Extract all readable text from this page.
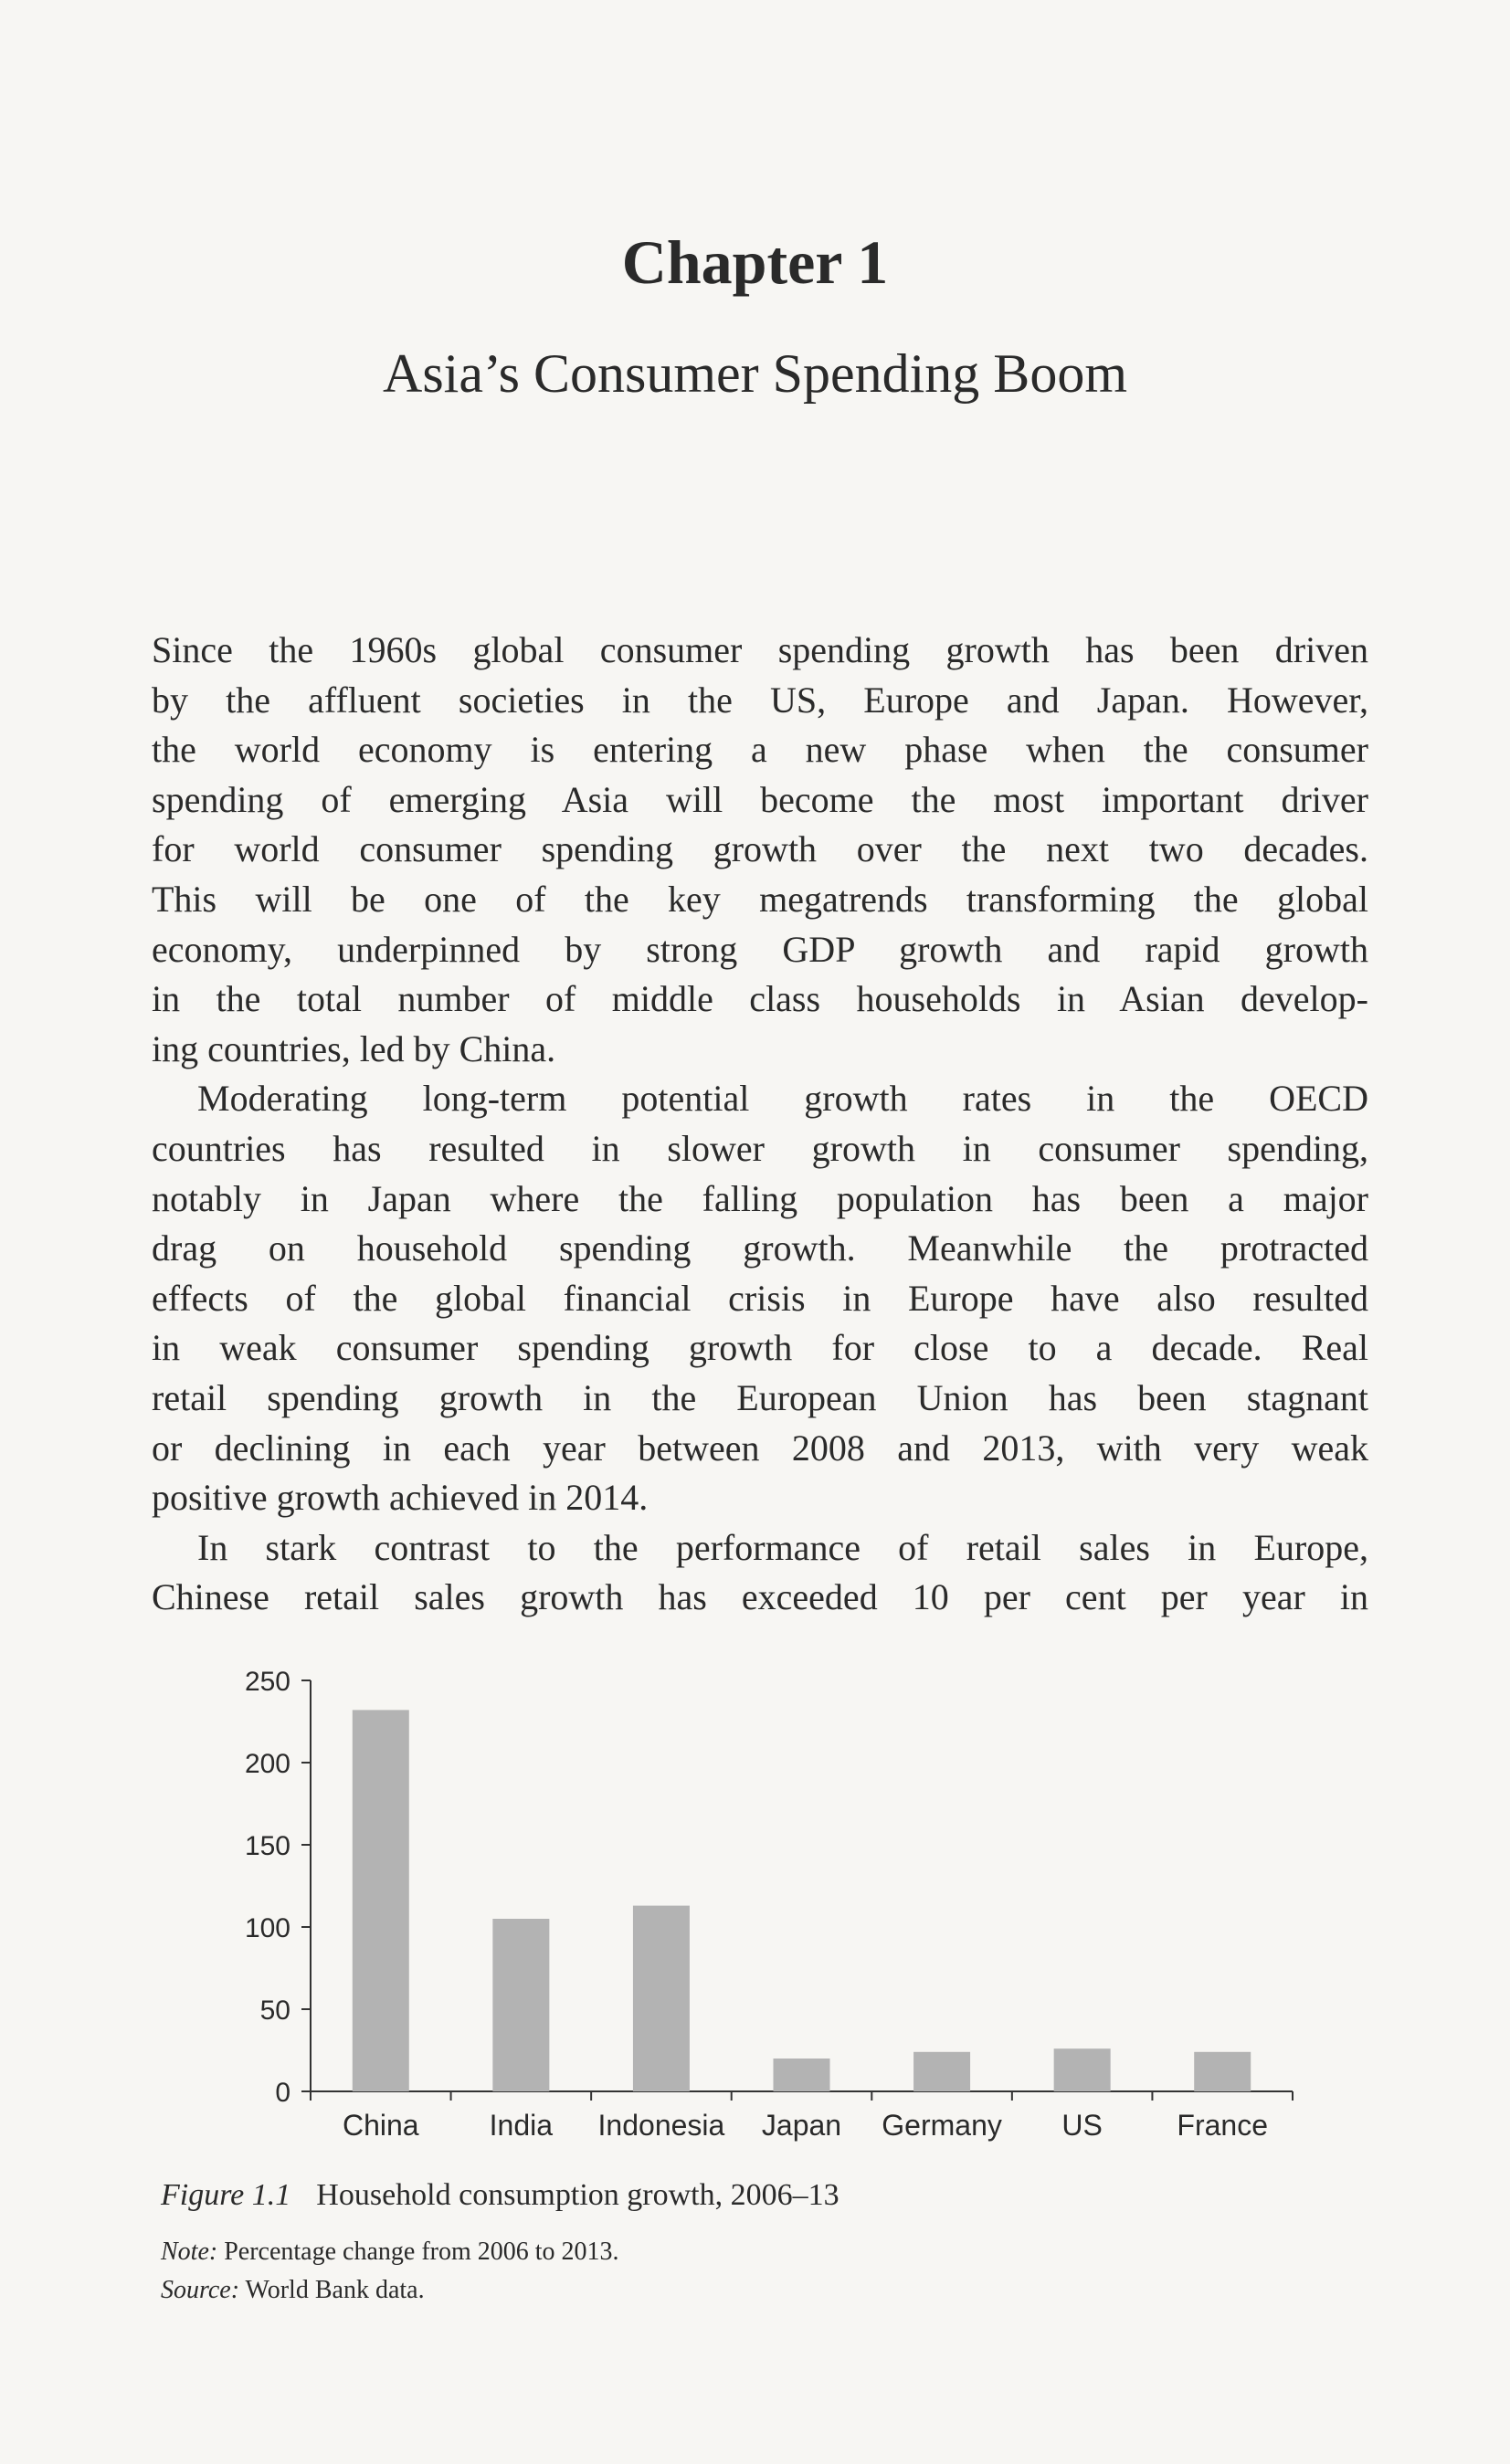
Chapter 1
Asia’s Consumer Spending Boom
Since the 1960s global consumer spending growth has been driven
by the affluent societies in the US, Europe and Japan. However,
the world economy is entering a new phase when the consumer
spending of emerging Asia will become the most important driver
for world consumer spending growth over the next two decades.
This will be one of the key megatrends transforming the global
economy, underpinned by strong GDP growth and rapid growth
in the total number of middle class households in Asian develop-
ing countries, led by China.
Moderating long-term potential growth rates in the OECD
countries has resulted in slower growth in consumer spending,
notably in Japan where the falling population has been a major
drag on household spending growth. Meanwhile the protracted
effects of the global financial crisis in Europe have also resulted
in weak consumer spending growth for close to a decade. Real
retail spending growth in the European Union has been stagnant
or declining in each year between 2008 and 2013, with very weak
positive growth achieved in 2014.
In stark contrast to the performance of retail sales in Europe,
Chinese retail sales growth has exceeded 10 per cent per year in
0
50
100
150
200
250
China India Indonesia Japan Germany US	France

Figure 1.1 Household consumption growth, 2006–13

Note: Percentage change from 2006 to 2013.

Source: World Bank data.
